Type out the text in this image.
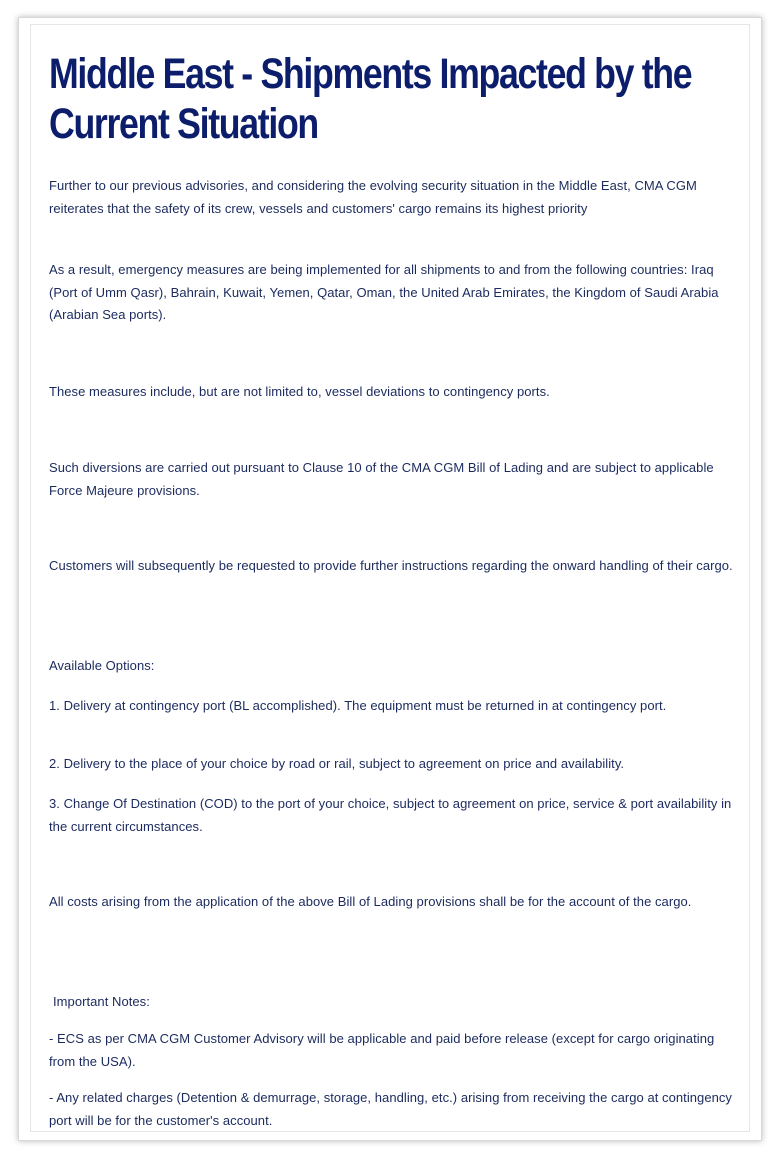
Middle East - Shipments Impacted by the Current Situation

Further to our previous advisories, and considering the evolving security situation in the Middle East, CMA CGM reiterates that the safety of its crew, vessels and customers' cargo remains its highest priority

As a result, emergency measures are being implemented for all shipments to and from the following countries: Iraq (Port of Umm Qasr), Bahrain, Kuwait, Yemen, Qatar, Oman, the United Arab Emirates, the Kingdom of Saudi Arabia (Arabian Sea ports).

These measures include, but are not limited to, vessel deviations to contingency ports.

Such diversions are carried out pursuant to Clause 10 of the CMA CGM Bill of Lading and are subject to applicable Force Majeure provisions.

Customers will subsequently be requested to provide further instructions regarding the onward handling of their cargo.

Available Options:

1. Delivery at contingency port (BL accomplished). The equipment must be returned in at contingency port.

2. Delivery to the place of your choice by road or rail, subject to agreement on price and availability.

3. Change Of Destination (COD) to the port of your choice, subject to agreement on price, service & port availability in the current circumstances.

All costs arising from the application of the above Bill of Lading provisions shall be for the account of the cargo.

Important Notes:

- ECS as per CMA CGM Customer Advisory will be applicable and paid before release (except for cargo originating from the USA).

- Any related charges (Detention & demurrage, storage, handling, etc.) arising from receiving the cargo at contingency port will be for the customer's account.
